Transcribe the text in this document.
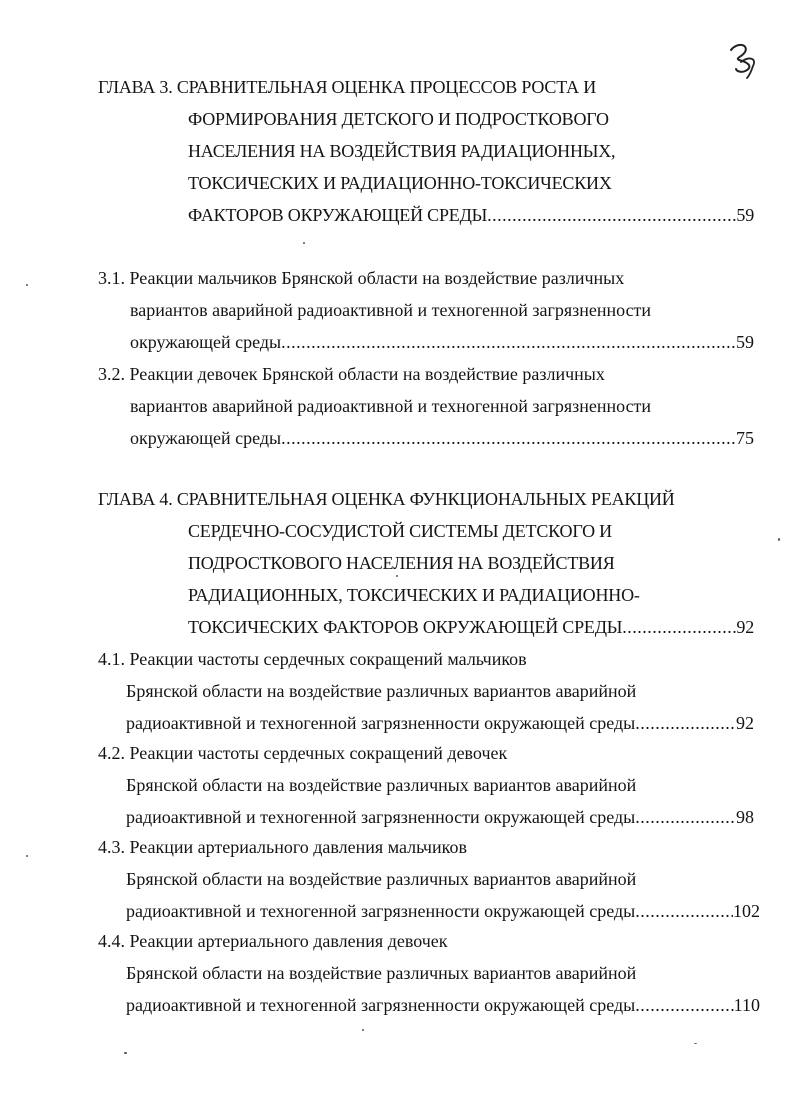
ГЛАВА 3. СРАВНИТЕЛЬНАЯ ОЦЕНКА ПРОЦЕССОВ РОСТА И
ФОРМИРОВАНИЯ ДЕТСКОГО И ПОДРОСТКОВОГО
НАСЕЛЕНИЯ НА ВОЗДЕЙСТВИЯ РАДИАЦИОННЫХ,
ТОКСИЧЕСКИХ И РАДИАЦИОННО-ТОКСИЧЕСКИХ
ФАКТОРОВ ОКРУЖАЮЩЕЙ СРЕДЫ .....	59
3.1. Реакции мальчиков Брянской области на воздействие различных
вариантов аварийной радиоактивной и техногенной загрязненности
окружающей среды .....	59
3.2. Реакции девочек Брянской области на воздействие различных
вариантов аварийной радиоактивной и техногенной загрязненности
окружающей среды .....	75
ГЛАВА 4. СРАВНИТЕЛЬНАЯ ОЦЕНКА ФУНКЦИОНАЛЬНЫХ РЕАКЦИЙ
СЕРДЕЧНО-СОСУДИСТОЙ СИСТЕМЫ ДЕТСКОГО И
ПОДРОСТКОВОГО НАСЕЛЕНИЯ НА ВОЗДЕЙСТВИЯ
РАДИАЦИОННЫХ, ТОКСИЧЕСКИХ И РАДИАЦИОННО-
ТОКСИЧЕСКИХ ФАКТОРОВ ОКРУЖАЮЩЕЙ СРЕДЫ .....	92
4.1. Реакции частоты сердечных сокращений мальчиков
Брянской области на воздействие различных вариантов аварийной
радиоактивной и техногенной загрязненности окружающей среды .....	92
4.2. Реакции частоты сердечных сокращений девочек
Брянской области на воздействие различных вариантов аварийной
радиоактивной и техногенной загрязненности окружающей среды .....	98
4.3. Реакции артериального давления мальчиков
Брянской области на воздействие различных вариантов аварийной
радиоактивной и техногенной загрязненности окружающей среды .....	102
4.4. Реакции артериального давления девочек
Брянской области на воздействие различных вариантов аварийной
радиоактивной и техногенной загрязненности окружающей среды .....	110
